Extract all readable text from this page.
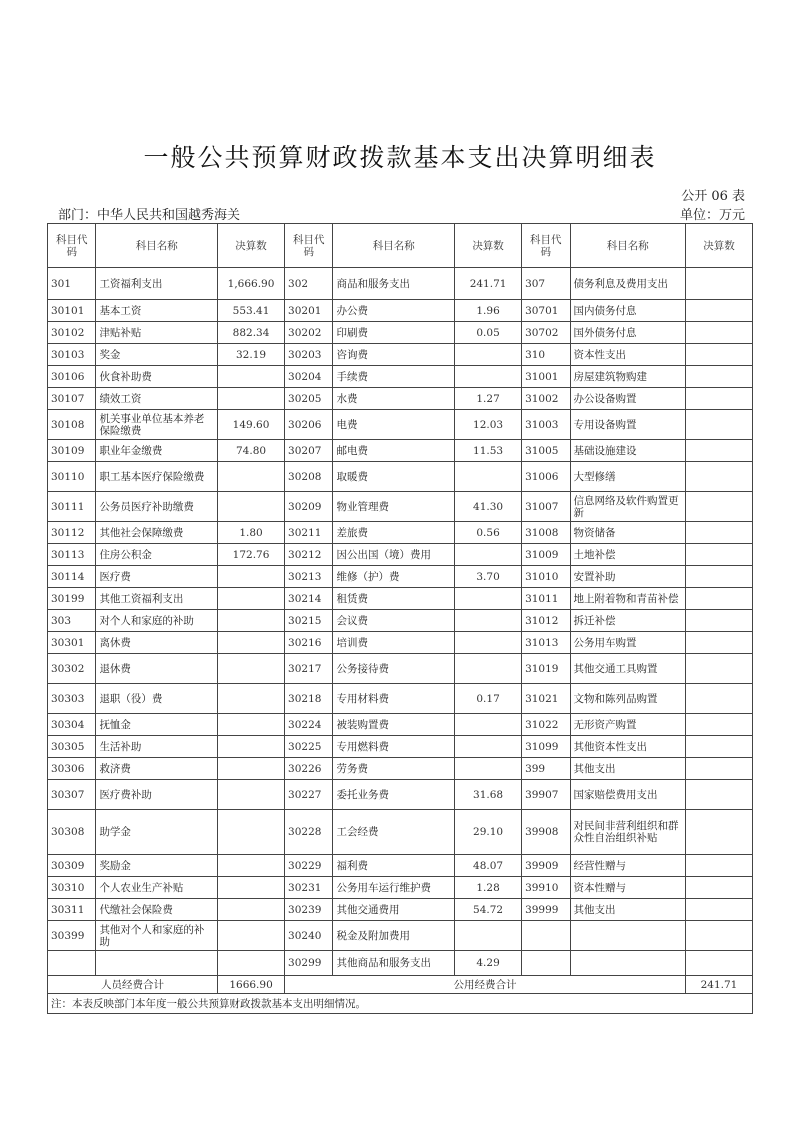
一般公共预算财政拨款基本支出决算明细表
公开 06 表
部门：中华人民共和国越秀海关	单位：万元
科目代码	科目名称	决算数	科目代码	科目名称	决算数	科目代码	科目名称	决算数
301	工资福利支出	1,666.90	302	商品和服务支出	241.71	307	债务利息及费用支出	
30101	基本工资	553.41	30201	办公费	1.96	30701	国内债务付息	
30102	津贴补贴	882.34	30202	印刷费	0.05	30702	国外债务付息	
30103	奖金	32.19	30203	咨询费		310	资本性支出	
30106	伙食补助费		30204	手续费		31001	房屋建筑物购建	
30107	绩效工资		30205	水费	1.27	31002	办公设备购置	
30108	机关事业单位基本养老保险缴费	149.60	30206	电费	12.03	31003	专用设备购置	
30109	职业年金缴费	74.80	30207	邮电费	11.53	31005	基础设施建设	
30110	职工基本医疗保险缴费		30208	取暖费		31006	大型修缮	
30111	公务员医疗补助缴费		30209	物业管理费	41.30	31007	信息网络及软件购置更新	
30112	其他社会保障缴费	1.80	30211	差旅费	0.56	31008	物资储备	
30113	住房公积金	172.76	30212	因公出国（境）费用		31009	土地补偿	
30114	医疗费		30213	维修（护）费	3.70	31010	安置补助	
30199	其他工资福利支出		30214	租赁费		31011	地上附着物和青苗补偿	
303	对个人和家庭的补助		30215	会议费		31012	拆迁补偿	
30301	离休费		30216	培训费		31013	公务用车购置	
30302	退休费		30217	公务接待费		31019	其他交通工具购置	
30303	退职（役）费		30218	专用材料费	0.17	31021	文物和陈列品购置	
30304	抚恤金		30224	被装购置费		31022	无形资产购置	
30305	生活补助		30225	专用燃料费		31099	其他资本性支出	
30306	救济费		30226	劳务费		399	其他支出	
30307	医疗费补助		30227	委托业务费	31.68	39907	国家赔偿费用支出	
30308	助学金		30228	工会经费	29.10	39908	对民间非营利组织和群众性自治组织补贴	
30309	奖励金		30229	福利费	48.07	39909	经营性赠与	
30310	个人农业生产补贴		30231	公务用车运行维护费	1.28	39910	资本性赠与	
30311	代缴社会保险费		30239	其他交通费用	54.72	39999	其他支出	
30399	其他对个人和家庭的补助		30240	税金及附加费用				
			30299	其他商品和服务支出	4.29			
人员经费合计		1666.90	公用经费合计					241.71
注：本表反映部门本年度一般公共预算财政拨款基本支出明细情况。								
